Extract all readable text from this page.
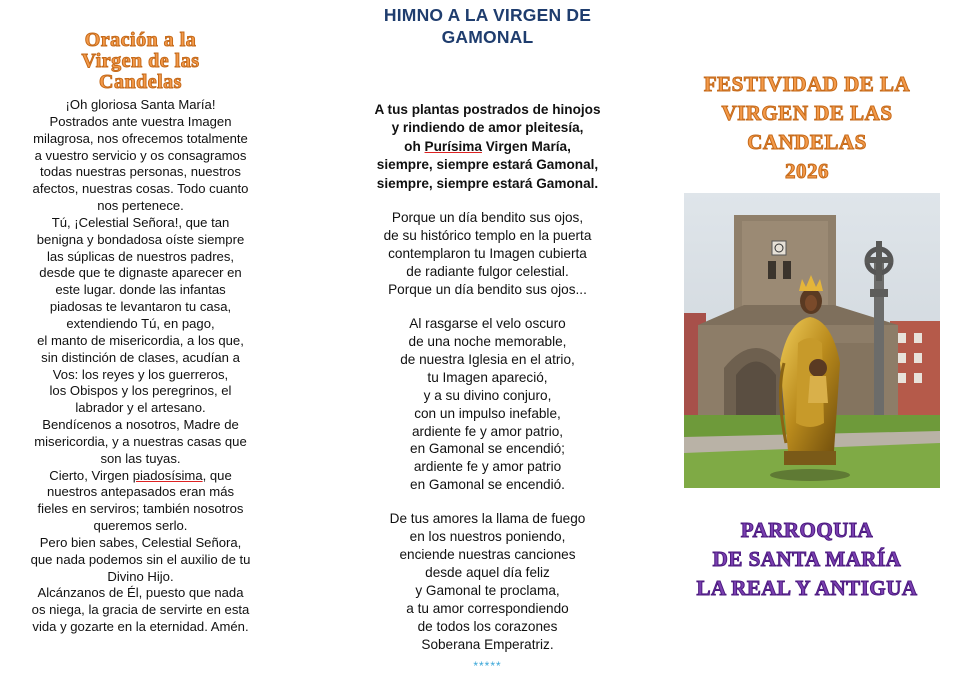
Oración a la
Virgen de las
Candelas

¡Oh gloriosa Santa María!

Postrados ante vuestra Imagen

milagrosa, nos ofrecemos totalmente

a vuestro servicio y os consagramos

todas nuestras personas, nuestros

afectos, nuestras cosas. Todo cuanto

nos pertenece.

Tú, ¡Celestial Señora!, que tan

benigna y bondadosa oíste siempre

las súplicas de nuestros padres,

desde que te dignaste aparecer en

este lugar. donde las infantas

piadosas te levantaron tu casa,

extendiendo Tú, en pago,

el manto de misericordia, a los que,

sin distinción de clases, acudían a

Vos: los reyes y los guerreros,

los Obispos y los peregrinos, el

labrador y el artesano.

Bendícenos a nosotros, Madre de

misericordia, y a nuestras casas que

son las tuyas.

Cierto, Virgen piadosísima, que

nuestros antepasados eran más

fieles en serviros; también nosotros

queremos serlo.

Pero bien sabes, Celestial Señora,

que nada podemos sin el auxilio de tu

Divino Hijo.

Alcánzanos de Él, puesto que nada

os niega, la gracia de servirte en esta

vida y gozarte en la eternidad. Amén.

HIMNO A LA VIRGEN DE
GAMONAL

A tus plantas postrados de hinojos

y rindiendo de amor pleitesía,

oh Purísima Virgen María,

siempre, siempre estará Gamonal,

siempre, siempre estará Gamonal.

Porque un día bendito sus ojos,

de su histórico templo en la puerta

contemplaron tu Imagen cubierta

de radiante fulgor celestial.

Porque un día bendito sus ojos...

Al rasgarse el velo oscuro

de una noche memorable,

de nuestra Iglesia en el atrio,

tu Imagen apareció,

y a su divino conjuro,

con un impulso inefable,

ardiente fe y amor patrio,

en Gamonal se encendió;

ardiente fe y amor patrio

en Gamonal se encendió.

De tus amores la llama de fuego

en los nuestros poniendo,

enciende nuestras canciones

desde aquel día feliz

y Gamonal te proclama,

a tu amor correspondiendo

de todos los corazones

Soberana Emperatriz.

*****
FESTIVIDAD DE LA
VIRGEN DE LAS
CANDELAS
2026
PARROQUIA
DE SANTA MARÍA
LA REAL Y ANTIGUA
